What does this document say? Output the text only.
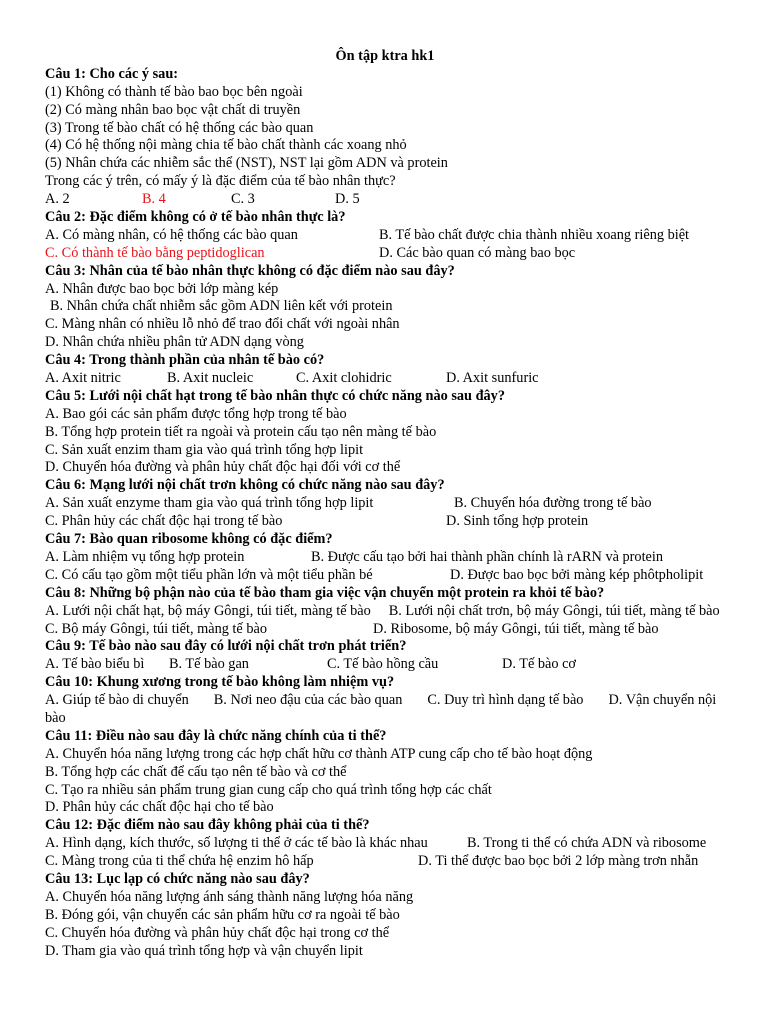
Ôn tập ktra hk1
Câu 1: Cho các ý sau:
(1) Không có thành tế bào bao bọc bên ngoài
(2) Có màng nhân bao bọc vật chất di truyền
(3) Trong tế bào chất có hệ thống các bào quan
(4) Có hệ thống nội màng chia tế bào chất thành các xoang nhỏ
(5) Nhân chứa các nhiễm sắc thể (NST), NST lại gồm ADN và protein
Trong các ý trên, có mấy ý là đặc điểm của tế bào nhân thực?
A. 2	B. 4	C. 3	D. 5
Câu 2: Đặc điểm không có ở tế bào nhân thực là?
A. Có màng nhân, có hệ thống các bào quan	B. Tế bào chất được chia thành nhiều xoang riêng biệt
C. Có thành tế bào bằng peptidoglican	D. Các bào quan có màng bao bọc
Câu 3: Nhân của tế bào nhân thực không có đặc điểm nào sau đây?
A. Nhân được bao bọc bởi lớp màng kép
B. Nhân chứa chất nhiễm sắc gồm ADN liên kết với protein
C. Màng nhân có nhiều lỗ nhỏ để trao đổi chất với ngoài nhân
D. Nhân chứa nhiều phân tử ADN dạng vòng
Câu 4: Trong thành phần của nhân tế bào có?
A. Axit nitric	B. Axit nucleic	C. Axit clohidric	D. Axit sunfuric
Câu 5: Lưới nội chất hạt trong tế bào nhân thực có chức năng nào sau đây?
A. Bao gói các sản phẩm được tổng hợp trong tế bào
B. Tổng hợp protein tiết ra ngoài và protein cấu tạo nên màng tế bào
C. Sản xuất enzim tham gia vào quá trình tổng hợp lipit
D. Chuyển hóa đường và phân hủy chất độc hại đối với cơ thể
Câu 6: Mạng lưới nội chất trơn không có chức năng nào sau đây?
A. Sản xuất enzyme tham gia vào quá trình tổng hợp lipit	B. Chuyển hóa đường trong tế bào
C. Phân hủy các chất độc hại trong tế bào	D. Sinh tổng hợp protein
Câu 7: Bào quan ribosome không có đặc điểm?
A. Làm nhiệm vụ tổng hợp protein	B. Được cấu tạo bởi hai thành phần chính là rARN và protein
C. Có cấu tạo gồm một tiểu phần lớn và một tiểu phần bé	D. Được bao bọc bởi màng kép phôtpholipit
Câu 8: Những bộ phận nào của tế bào tham gia việc vận chuyển một protein ra khỏi tế bào?
A. Lưới nội chất hạt, bộ máy Gôngi, túi tiết, màng tế bào B. Lưới nội chất trơn, bộ máy Gôngi, túi tiết, màng tế bào
C. Bộ máy Gôngi, túi tiết, màng tế bào	D. Ribosome, bộ máy Gôngi, túi tiết, màng tế bào
Câu 9: Tế bào nào sau đây có lưới nội chất trơn phát triển?
A. Tế bào biểu bì B. Tế bào gan	C. Tế bào hồng cầu	D. Tế bào cơ
Câu 10: Khung xương trong tế bào không làm nhiệm vụ?
A. Giúp tế bào di chuyển B. Nơi neo đậu của các bào quan C. Duy trì hình dạng tế bào D. Vận chuyển nội bào
Câu 11: Điều nào sau đây là chức năng chính của ti thể?
A. Chuyển hóa năng lượng trong các hợp chất hữu cơ thành ATP cung cấp cho tế bào hoạt động
B. Tổng hợp các chất để cấu tạo nên tế bào và cơ thể
C. Tạo ra nhiều sản phẩm trung gian cung cấp cho quá trình tổng hợp các chất
D. Phân hủy các chất độc hại cho tế bào
Câu 12: Đặc điểm nào sau đây không phải của ti thể?
A. Hình dạng, kích thước, số lượng ti thể ở các tế bào là khác nhau	B. Trong ti thể có chứa ADN và ribosome
C. Màng trong của ti thể chứa hệ enzim hô hấp	D. Ti thể được bao bọc bởi 2 lớp màng trơn nhẵn
Câu 13: Lục lạp có chức năng nào sau đây?
A. Chuyển hóa năng lượng ánh sáng thành năng lượng hóa năng
B. Đóng gói, vận chuyển các sản phẩm hữu cơ ra ngoài tế bào
C. Chuyển hóa đường và phân hủy chất độc hại trong cơ thể
D. Tham gia vào quá trình tổng hợp và vận chuyển lipit
